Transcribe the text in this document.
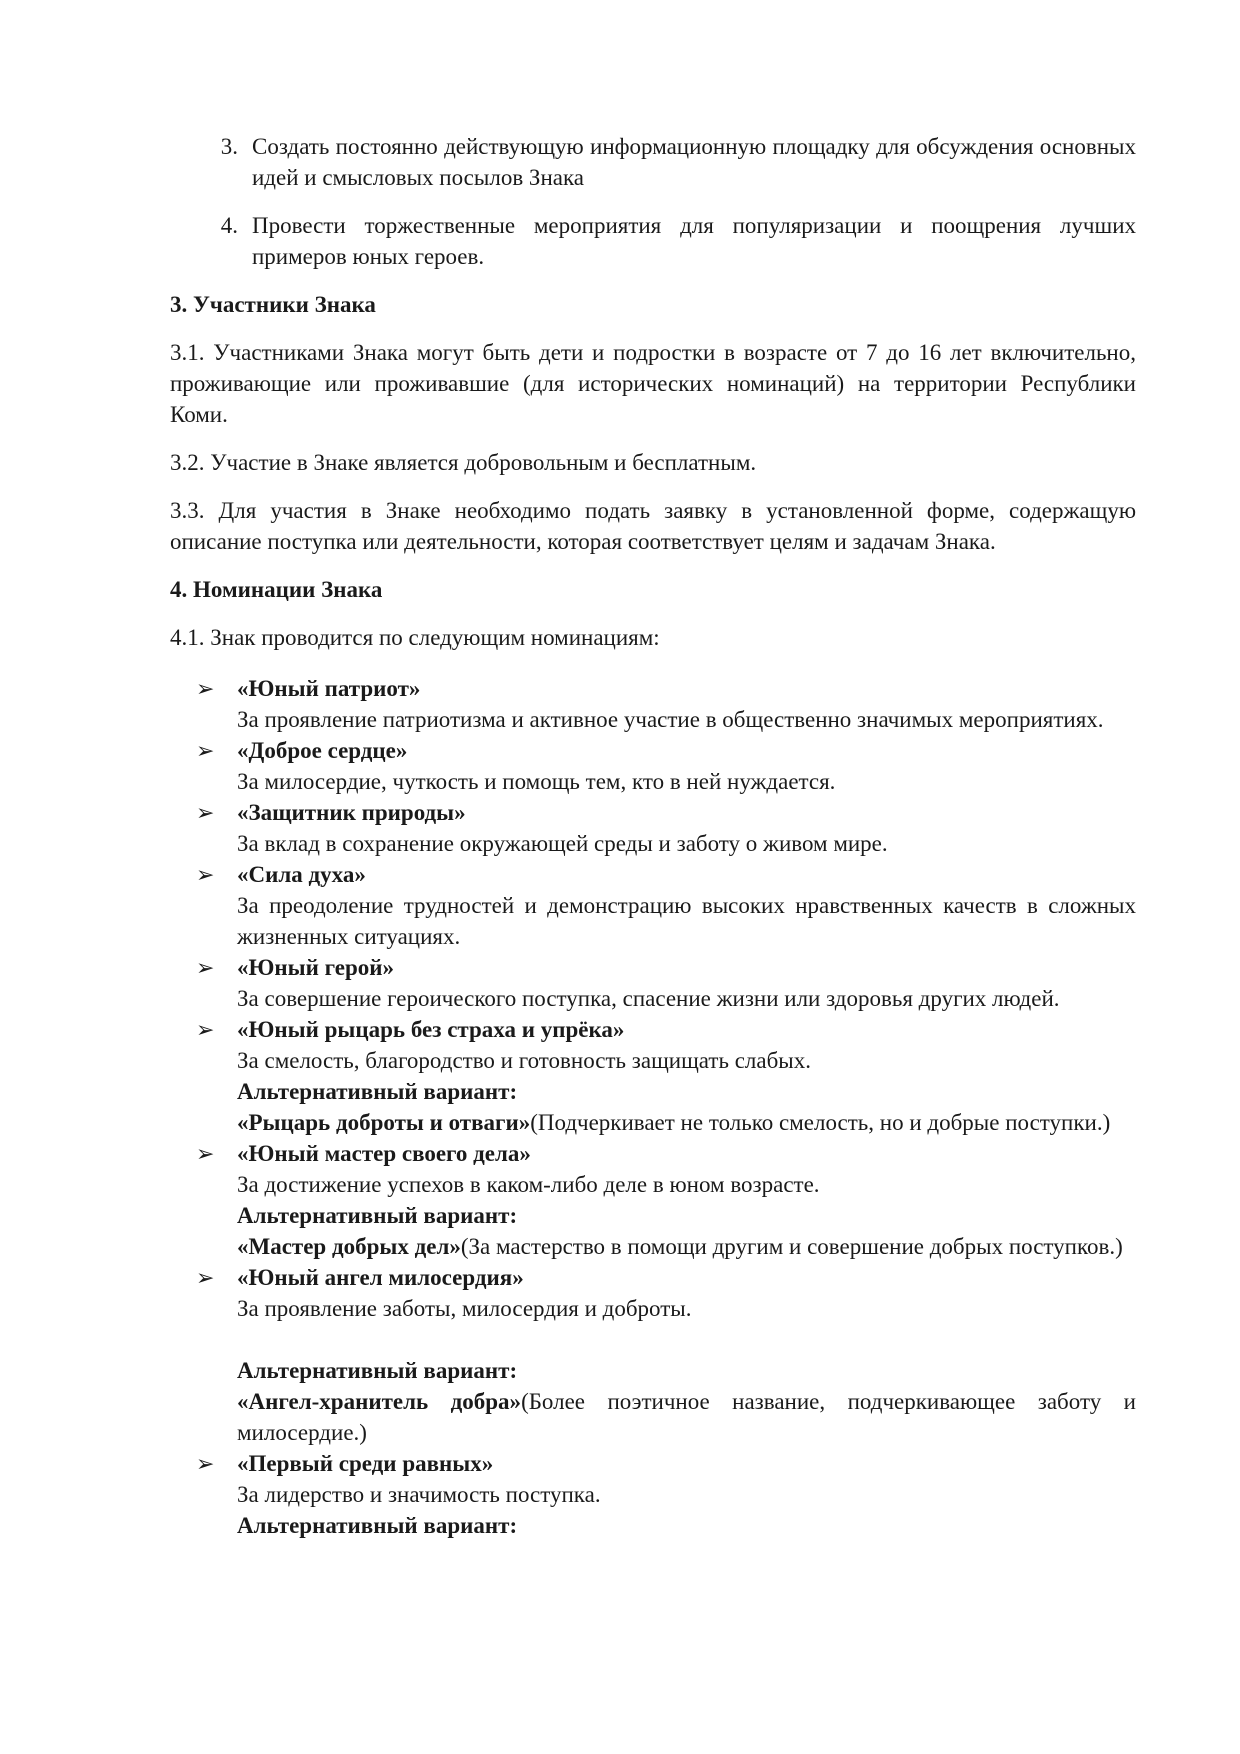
3. Создать постоянно действующую информационную площадку для обсуждения основных идей и смысловых посылов Знака

4. Провести торжественные мероприятия для популяризации и поощрения лучших примеров юных героев.

3. Участники Знака

3.1. Участниками Знака могут быть дети и подростки в возрасте от 7 до 16 лет включительно, проживающие или проживавшие (для исторических номинаций) на территории Республики Коми.

3.2. Участие в Знаке является добровольным и бесплатным.

3.3. Для участия в Знаке необходимо подать заявку в установленной форме, содержащую описание поступка или деятельности, которая соответствует целям и задачам Знака.

4. Номинации Знака

4.1. Знак проводится по следующим номинациям:

➢ «Юный патриот»

За проявление патриотизма и активное участие в общественно значимых мероприятиях.

➢ «Доброе сердце»

За милосердие, чуткость и помощь тем, кто в ней нуждается.

➢ «Защитник природы»

За вклад в сохранение окружающей среды и заботу о живом мире.

➢ «Сила духа»

За преодоление трудностей и демонстрацию высоких нравственных качеств в сложных жизненных ситуациях.

➢ «Юный герой»

За совершение героического поступка, спасение жизни или здоровья других людей.

➢ «Юный рыцарь без страха и упрёка»

За смелость, благородство и готовность защищать слабых.

Альтернативный вариант:

«Рыцарь доброты и отваги»(Подчеркивает не только смелость, но и добрые поступки.)

➢ «Юный мастер своего дела»

За достижение успехов в каком-либо деле в юном возрасте.

Альтернативный вариант:

«Мастер добрых дел»(За мастерство в помощи другим и совершение добрых поступков.)

➢ «Юный ангел милосердия»

За проявление заботы, милосердия и доброты.

Альтернативный вариант:

«Ангел-хранитель добра»(Более поэтичное название, подчеркивающее заботу и милосердие.)

➢ «Первый среди равных»

За лидерство и значимость поступка.

Альтернативный вариант:
